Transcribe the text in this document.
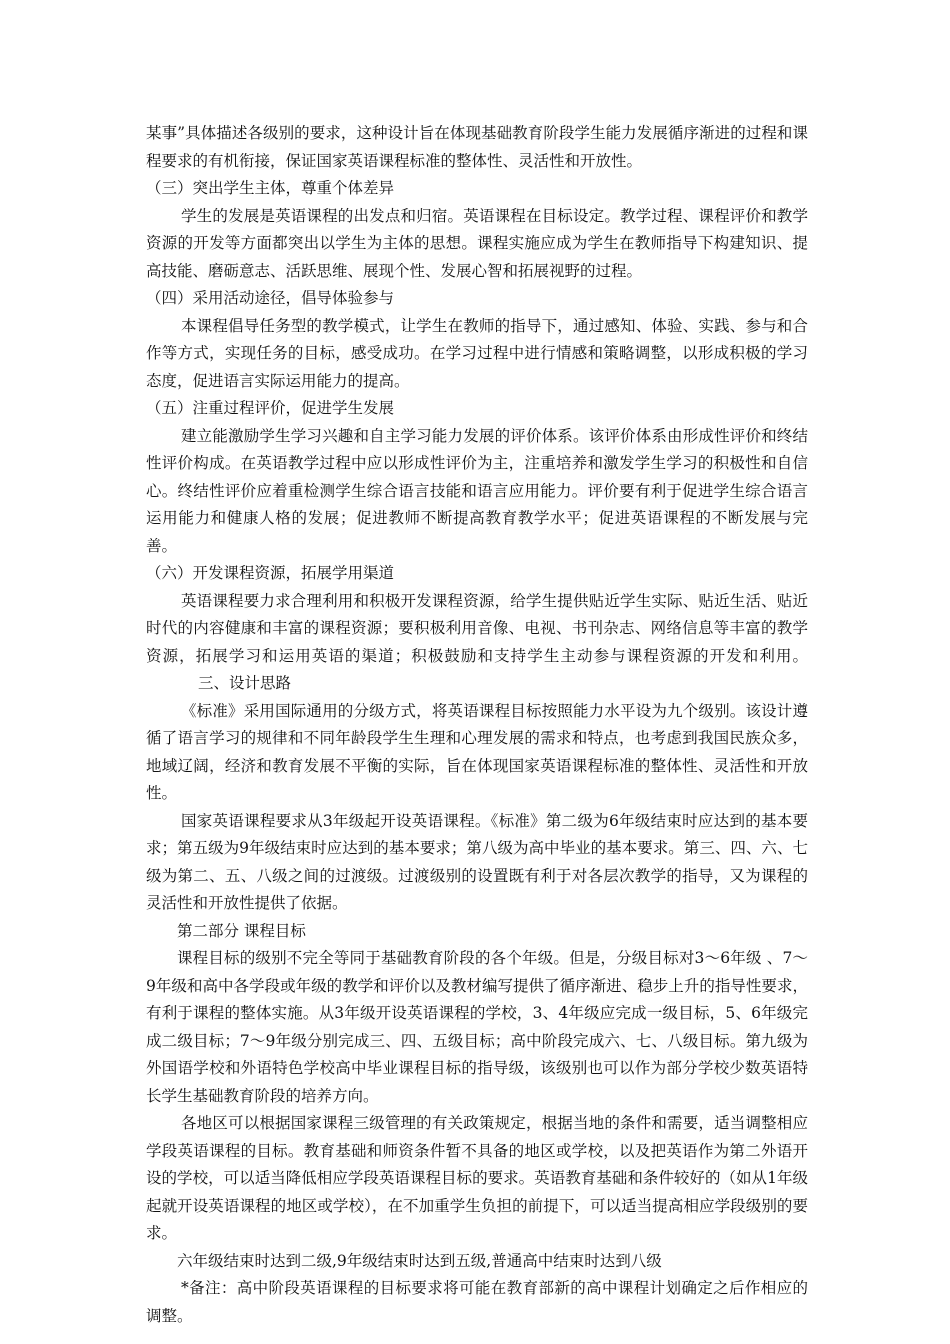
某事”具体描述各级别的要求，这种设计旨在体现基础教育阶段学生能力发展循序渐进的过程和课程要求的有机衔接，保证国家英语课程标准的整体性、灵活性和开放性。

（三）突出学生主体，尊重个体差异

学生的发展是英语课程的出发点和归宿。英语课程在目标设定。教学过程、课程评价和教学资源的开发等方面都突出以学生为主体的思想。课程实施应成为学生在教师指导下构建知识、提高技能、磨砺意志、活跃思维、展现个性、发展心智和拓展视野的过程。

（四）采用活动途径，倡导体验参与

本课程倡导任务型的教学模式，让学生在教师的指导下，通过感知、体验、实践、参与和合作等方式，实现任务的目标，感受成功。在学习过程中进行情感和策略调整，以形成积极的学习态度，促进语言实际运用能力的提高。

（五）注重过程评价，促进学生发展

建立能激励学生学习兴趣和自主学习能力发展的评价体系。该评价体系由形成性评价和终结性评价构成。在英语教学过程中应以形成性评价为主，注重培养和激发学生学习的积极性和自信心。终结性评价应着重检测学生综合语言技能和语言应用能力。评价要有利于促进学生综合语言运用能力和健康人格的发展；促进教师不断提高教育教学水平；促进英语课程的不断发展与完善。

（六）开发课程资源，拓展学用渠道

英语课程要力求合理利用和积极开发课程资源，给学生提供贴近学生实际、贴近生活、贴近时代的内容健康和丰富的课程资源；要积极利用音像、电视、书刊杂志、网络信息等丰富的教学资源，拓展学习和运用英语的渠道；积极鼓励和支持学生主动参与课程资源的开发和利用。三、设计思路

《标准》采用国际通用的分级方式，将英语课程目标按照能力水平设为九个级别。该设计遵循了语言学习的规律和不同年龄段学生生理和心理发展的需求和特点，也考虑到我国民族众多，地域辽阔，经济和教育发展不平衡的实际，旨在体现国家英语课程标准的整体性、灵活性和开放性。

国家英语课程要求从3年级起开设英语课程。《标准》第二级为6年级结束时应达到的基本要求；第五级为9年级结束时应达到的基本要求；第八级为高中毕业的基本要求。第三、四、六、七级为第二、五、八级之间的过渡级。过渡级别的设置既有利于对各层次教学的指导，又为课程的灵活性和开放性提供了依据。

第二部分 课程目标

课程目标的级别不完全等同于基础教育阶段的各个年级。但是，分级目标对3～6年级 、7～9年级和高中各学段或年级的教学和评价以及教材编写提供了循序渐进、稳步上升的指导性要求，有利于课程的整体实施。从3年级开设英语课程的学校，3、4年级应完成一级目标，5、6年级完成二级目标；7～9年级分别完成三、四、五级目标；高中阶段完成六、七、八级目标。第九级为外国语学校和外语特色学校高中毕业课程目标的指导级，该级别也可以作为部分学校少数英语特长学生基础教育阶段的培养方向。

各地区可以根据国家课程三级管理的有关政策规定，根据当地的条件和需要，适当调整相应学段英语课程的目标。教育基础和师资条件暂不具备的地区或学校，以及把英语作为第二外语开设的学校，可以适当降低相应学段英语课程目标的要求。英语教育基础和条件较好的（如从1年级起就开设英语课程的地区或学校），在不加重学生负担的前提下，可以适当提高相应学段级别的要求。

六年级结束时达到二级,9年级结束时达到五级,普通高中结束时达到八级

*备注：高中阶段英语课程的目标要求将可能在教育部新的高中课程计划确定之后作相应的调整。
